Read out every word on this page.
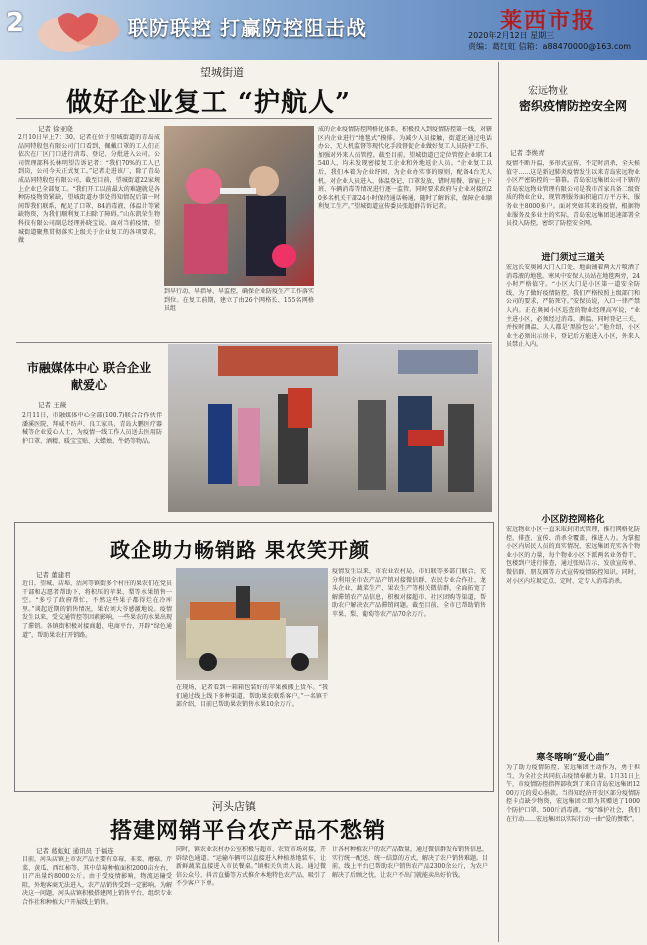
2	联防联控 打赢防控阻击战	莱西市报
2020年2月12日 星期三
责编：葛红虹 信箱：a88470000@163.com
望城街道
做好企业复工 “护航人”
记者 徐亚晓
2月10日早上7：30，记者在位于望城街道的青岛成品同特殷包有限公司门口看到，佩戴口罩的工人们正依次在厂区门口进行消毒、登记、分批进入公司。公司管理部科长林明望告诉记者：“我们70%的工人已到岗，公司今天正式复工。”记者走进该厂，除了青岛成品同特殷包有限公司，截至目前，望城街道22家规上企业已全部复工。“我们开工以前最大的难题就是各种防疫物资紧缺，望城街道办事处得知情况后第一时间帮我们联系，配足了口罩、84消毒液、体温计等紧缺物资，为我们顺利复工扫除了障碍。”山东凯荣生物科技有限公司副总经理孙晓宝说。面对当前疫情，望城街道聚焦贯彻落实上级关于企业复工的各项要求，做
到早行动、早指导、早监控，确保企业防疫生产工作落实到位。在复工前期，建立了由26个网格长、155名网格员组
成的企业疫情防控网格化体系，积极投入到疫情防控第一线，对辖区内企业进行“地毯式”摸排。为减少人员接触，街道还通过电话办公、无人机监督等现代化手段督促企业做好复工人员防护工作、加强对外来人员管控。截至目前，望城街道已定位管控企业职工4540人，均未发现密接复工企业和外地返企人员。“企业复工以后，我们本着为企业纾困、为企业办实事的原则，配备4台无人机，对企业人员进入、体温登记、口罩发放、错时用餐、留宿上下班、车辆消毒等情况进行逐一监管，同时要求政府与企业对接的20多名机关干部24小时保持通话畅通，随时了解诉求，保障企业顺利复工生产。”望城街道宣传委员张超群告诉记者。
市融媒体中心 联合企业献爱心
记者 王薇
2月11日，市融媒体中心全部(100.7)联合合作伙伴潘溪医院、拜威不纺声、良工家具、青岛大鹏医疗器械等企业爱心人士，为疫情一线工作人员送去医用防护口罩、酒精、暖宝宝贴、大蜡烛、牛奶等物品。
政企助力畅销路 果农笑开颜
记者 董建君
近日，望城、店埠、沽河等镇街多个村庄的果农们在党员干部和志愿者帮助下，将积压的苹果、梨等水果销售一空。“多亏了政府帮忙，不然这些果子都得烂在冷库里。”谈起近期的销售情况，果农刘大爷感激地说。疫情发生以来，受交通管控等因素影响，一些果农的水果出现了滞销。各镇街积极对接商超、电商平台，开辟“绿色通道”，帮助果农打开销路。
在现场，记者看到一箱箱包装好的苹果被搬上货车。“我们通过线上线下多种渠道，帮助果农联系客户。”一名镇干部介绍，目前已帮助果农销售水果10余万斤。
疫情发生以来，市农业农村局、市妇联等多部门联合，充分利用全市农产品产销对接微信群、农民专业合作社、龙头企业、蔬菜生产、果农生产等相关微信群，全面拓宽了解滞销农产品信息，积极对接超市、社区团购等渠道，帮助农户解决农产品滞销问题。截至目前，全市已帮助销售苹果、梨、葡萄等农产品70余万斤。
河头店镇
搭建网销平台农产品不愁销
记者 葛虹虹 通讯员 于福连
目前，河头店镇上市农产品主要有草莓、韭菜、蘑菇、芹菜、黄瓜、西红柿等，其中草莓种植面积2000亩左右，日产出量约8000公斤。由于受疫情影响，物流运输受阻，外地客商无法进入，农产品销售受到一定影响。为解决这一问题，河头店镇积极搭建网上销售平台，组织专业合作社和种植大户开展线上销售。
同时，镇农业农村办公室积极与超市、农贸市场对接，开辟绿色通道。“运输车辆可以直接进入种植基地装车，让新鲜蔬菜直接进入市民餐桌。”镇相关负责人说。通过微信公众号、抖音直播等方式推介本地特色农产品，吸引了不少客户下单。
计各村种植农户的农产品数量，通过微信群发布销售信息，实行统一配送、统一结算的方式，解决了农户销售难题。目前，线上平台已帮助农户销售农产品2300余公斤，为农户解决了后顾之忧，让农户不出门就能卖出好价钱。
宏远物业
密织疫情防控安全网
记者 李焕青
疫情不断升温，多形式宣传，不定时消杀，全天候值守……这是新冠肺炎疫情发生以来青岛宏远物业小区严密防控的一幕幕。青岛宏远集团公司下辖的青岛宏远物业管理有限公司是我市首家具备二级资质的物业企业，现管理服务面积逾百万平方米，服务业主8000多户。面对突如其来的疫情，根据物业服务及多业主的实际，青岛宏远集团迅速部署全员投入防控，密织了防控安全网。
进门须过三道关
宏远长安奥园大门入口处，地面铺着两大片喷洒了消毒液的地毯。寒风中安保人员站在地毯两旁，24小时严格值守。“小区大门是小区第一道安全防线，为了做好疫情防控，我们严格按照上级部门和公司的要求，严防死守。”安保员说，入口一律严禁人内。正在奥园小区巡查的物业经理高军说，“业主进小区，必须经过消毒、测温、同时登记三关，并按时测温，人人都是‘黑脸包公’。”他介绍，小区业主必须出示房卡，登记后方能进入小区，外来人员禁止入内。
小区防控网格化
宏远物业小区一直采取封闭式管理，推行网格化防控，排查、宣传、消杀全覆盖，推进人力。为掌握小区内居民人员的真实情况，宏远集团充实各个物业小区的力量，每个物业小区下派两名业务骨干，包楼到户进行排查，通过张贴告示、发放宣传单、微信群、朋友圈等方式宣传疫情防控知识。同时，对小区内垃圾定点、定时、定专人消毒消杀。
寒冬喀响“爱心曲”
为了助力疫情防控，宏远集团主动作为，勇于担当，为全社会共同抗击疫情奉献力量。1月31日上午，市疫情防控指挥部收到了来自青岛宏远集团1200万元的爱心捐款。当得知经济开发区部分疫情防控卡点缺少物资，宏远集团立即为其赠送了1000个防护口罩、500斤消毒液。“疫”维护社会，我们在行动……宏远集团以实际行动一曲“爱的赞歌”。
